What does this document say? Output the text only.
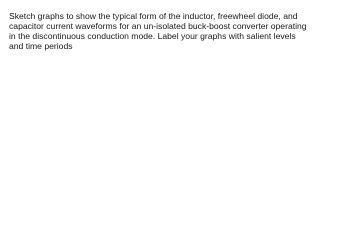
Sketch graphs to show the typical form of the inductor, freewheel diode, and
capacitor current waveforms for an un-isolated buck-boost converter operating
in the discontinuous conduction mode. Label your graphs with salient levels
and time periods
